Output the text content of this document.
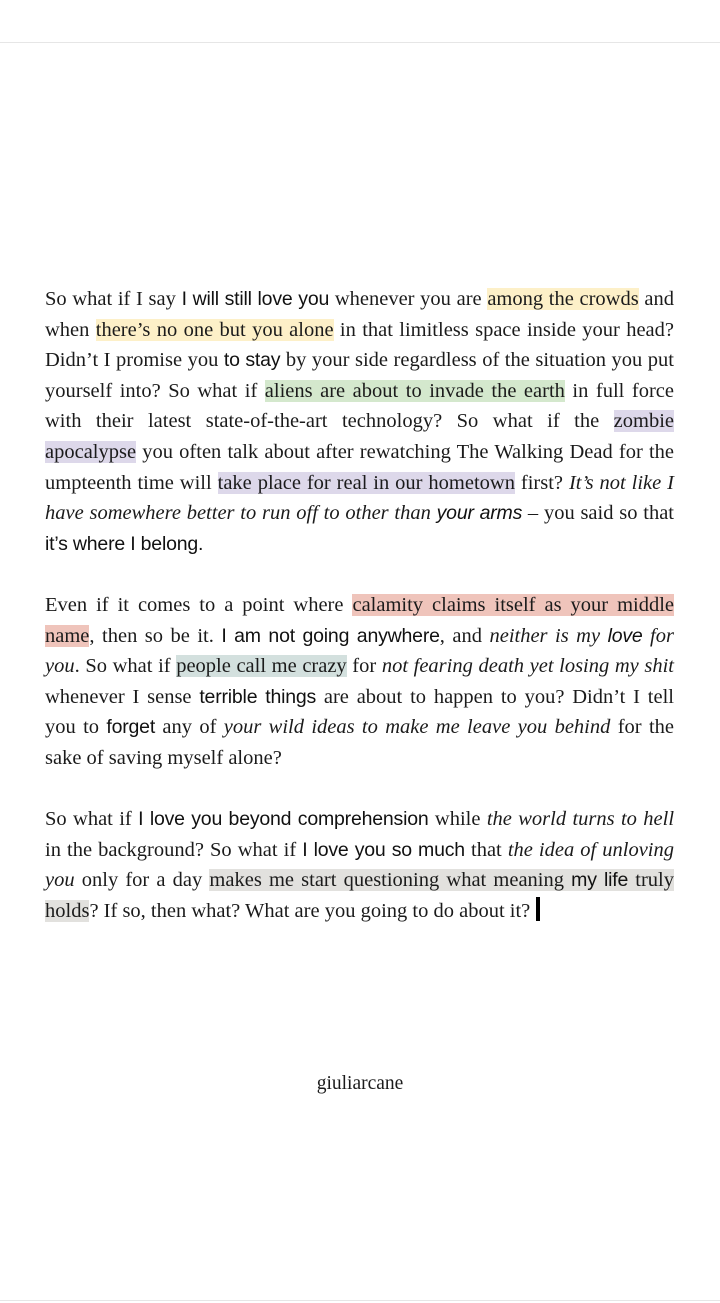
So what if I say I will still love you whenever you are among the crowds and when there’s no one but you alone in that limitless space inside your head? Didn’t I promise you to stay by your side regardless of the situation you put yourself into? So what if aliens are about to invade the earth in full force with their latest state-of-the-art technology? So what if the zombie apocalypse you often talk about after rewatching The Walking Dead for the umpteenth time will take place for real in our hometown first? It’s not like I have somewhere better to run off to other than your arms – you said so that it’s where I belong.

Even if it comes to a point where calamity claims itself as your middle name, then so be it. I am not going anywhere, and neither is my love for you. So what if people call me crazy for not fearing death yet losing my shit whenever I sense terrible things are about to happen to you? Didn’t I tell you to forget any of your wild ideas to make me leave you behind for the sake of saving myself alone?

So what if I love you beyond comprehension while the world turns to hell in the background? So what if I love you so much that the idea of unloving you only for a day makes me start questioning what meaning my life truly holds? If so, then what? What are you going to do about it?

giuliarcane
